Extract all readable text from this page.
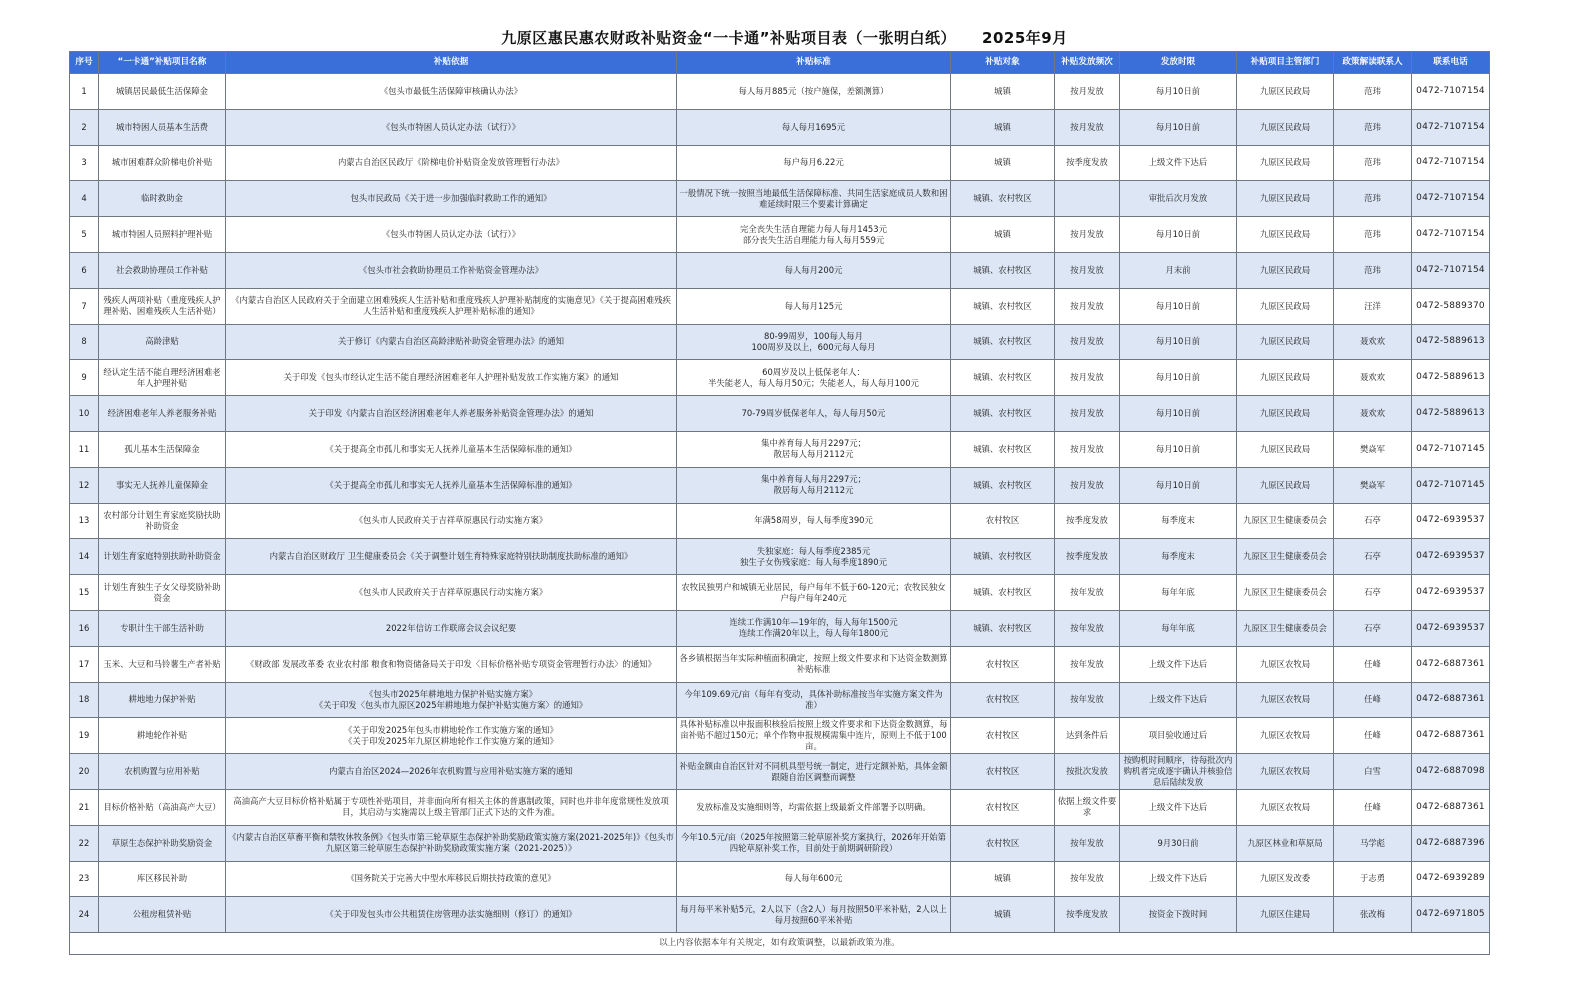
九原区惠民惠农财政补贴资金“一卡通”补贴项目表（一张明白纸） 2025年9月
序号	“一卡通”补贴项目名称	补贴依据	补贴标准	补贴对象	补贴发放频次	发放时限	补贴项目主管部门	政策解读联系人	联系电话
1	城镇居民最低生活保障金	《包头市最低生活保障审核确认办法》	每人每月885元（按户施保，差额测算）	城镇	按月发放	每月10日前	九原区民政局	范玮	0472-7107154
2	城市特困人员基本生活费	《包头市特困人员认定办法（试行）》	每人每月1695元	城镇	按月发放	每月10日前	九原区民政局	范玮	0472-7107154
3	城市困难群众阶梯电价补贴	内蒙古自治区民政厅《阶梯电价补贴资金发放管理暂行办法》	每户每月6.22元	城镇	按季度发放	上级文件下达后	九原区民政局	范玮	0472-7107154
4	临时救助金	包头市民政局《关于进一步加强临时救助工作的通知》	一般情况下统一按照当地最低生活保障标准、共同生活家庭成员人数和困难延续时限三个要素计算确定	城镇、农村牧区		审批后次月发放	九原区民政局	范玮	0472-7107154
5	城市特困人员照料护理补贴	《包头市特困人员认定办法（试行）》	完全丧失生活自理能力每人每月1453元
部分丧失生活自理能力每人每月559元	城镇	按月发放	每月10日前	九原区民政局	范玮	0472-7107154
6	社会救助协理员工作补贴	《包头市社会救助协理员工作补贴资金管理办法》	每人每月200元	城镇、农村牧区	按月发放	月末前	九原区民政局	范玮	0472-7107154
7	残疾人两项补贴（重度残疾人护理补贴、困难残疾人生活补贴）	《内蒙古自治区人民政府关于全面建立困难残疾人生活补贴和重度残疾人护理补贴制度的实施意见》《关于提高困难残疾人生活补贴和重度残疾人护理补贴标准的通知》	每人每月125元	城镇、农村牧区	按月发放	每月10日前	九原区民政局	汪洋	0472-5889370
8	高龄津贴	关于修订《内蒙古自治区高龄津贴补助资金管理办法》的通知	80-99周岁，100每人每月
100周岁及以上，600元每人每月	城镇、农村牧区	按月发放	每月10日前	九原区民政局	聂欢欢	0472-5889613
9	经认定生活不能自理经济困难老年人护理补贴	关于印发《包头市经认定生活不能自理经济困难老年人护理补贴发放工作实施方案》的通知	60周岁及以上低保老年人：
半失能老人，每人每月50元；失能老人，每人每月100元	城镇、农村牧区	按月发放	每月10日前	九原区民政局	聂欢欢	0472-5889613
10	经济困难老年人养老服务补贴	关于印发《内蒙古自治区经济困难老年人养老服务补贴资金管理办法》的通知	70-79周岁低保老年人，每人每月50元	城镇、农村牧区	按月发放	每月10日前	九原区民政局	聂欢欢	0472-5889613
11	孤儿基本生活保障金	《关于提高全市孤儿和事实无人抚养儿童基本生活保障标准的通知》	集中养育每人每月2297元；
散居每人每月2112元	城镇、农村牧区	按月发放	每月10日前	九原区民政局	樊焱军	0472-7107145
12	事实无人抚养儿童保障金	《关于提高全市孤儿和事实无人抚养儿童基本生活保障标准的通知》	集中养育每人每月2297元；
散居每人每月2112元	城镇、农村牧区	按月发放	每月10日前	九原区民政局	樊焱军	0472-7107145
13	农村部分计划生育家庭奖励扶助补助资金	《包头市人民政府关于吉祥草原惠民行动实施方案》	年满58周岁，每人每季度390元	农村牧区	按季度发放	每季度末	九原区卫生健康委员会	石亭	0472-6939537
14	计划生育家庭特别扶助补助资金	内蒙古自治区财政厅 卫生健康委员会《关于调整计划生育特殊家庭特别扶助制度扶助标准的通知》	失独家庭：每人每季度2385元
独生子女伤残家庭：每人每季度1890元	城镇、农村牧区	按季度发放	每季度末	九原区卫生健康委员会	石亭	0472-6939537
15	计划生育独生子女父母奖励补助资金	《包头市人民政府关于吉祥草原惠民行动实施方案》	农牧民独男户和城镇无业居民，每户每年不低于60-120元；农牧民独女户每户每年240元	城镇、农村牧区	按年发放	每年年底	九原区卫生健康委员会	石亭	0472-6939537
16	专职计生干部生活补助	2022年信访工作联席会议会议纪要	连续工作满10年—19年的，每人每年1500元
连续工作满20年以上，每人每年1800元	城镇、农村牧区	按年发放	每年年底	九原区卫生健康委员会	石亭	0472-6939537
17	玉米、大豆和马铃薯生产者补贴	《财政部 发展改革委 农业农村部 粮食和物资储备局关于印发〈目标价格补贴专项资金管理暂行办法〉的通知》	各乡镇根据当年实际种植面积确定，按照上级文件要求和下达资金数测算补贴标准	农村牧区	按年发放	上级文件下达后	九原区农牧局	任峰	0472-6887361
18	耕地地力保护补贴	《包头市2025年耕地地力保护补贴实施方案》
《关于印发〈包头市九原区2025年耕地地力保护补贴实施方案〉的通知》	今年109.69元/亩（每年有变动，具体补助标准按当年实施方案文件为准）	农村牧区	按年发放	上级文件下达后	九原区农牧局	任峰	0472-6887361
19	耕地轮作补贴	《关于印发2025年包头市耕地轮作工作实施方案的通知》
《关于印发2025年九原区耕地轮作工作实施方案的通知》	具体补贴标准以申报面积核验后按照上级文件要求和下达资金数测算，每亩补贴不超过150元；单个作物申报规模需集中连片，原则上不低于100亩。	农村牧区	达到条件后	项目验收通过后	九原区农牧局	任峰	0472-6887361
20	农机购置与应用补贴	内蒙古自治区2024—2026年农机购置与应用补贴实施方案的通知	补贴金额由自治区针对不同机具型号统一制定，进行定额补贴，具体金额跟随自治区调整而调整	农村牧区	按批次发放	按购机时间顺序，待每批次内购机者完成逐宇确认并核验信息后陆续发放	九原区农牧局	白雪	0472-6887098
21	目标价格补贴（高油高产大豆）	高油高产大豆目标价格补贴属于专项性补贴项目，并非面向所有相关主体的普惠制政策，同时也并非年度常规性发放项目，其启动与实施需以上级主管部门正式下达的文件为准。	发放标准及实施细则等，均需依据上级最新文件部署予以明确。	农村牧区	依据上级文件要求	上级文件下达后	九原区农牧局	任峰	0472-6887361
22	草原生态保护补助奖励资金	《内蒙古自治区草畜平衡和禁牧休牧条例》《包头市第三轮草原生态保护补助奖励政策实施方案(2021-2025年)》《包头市九原区第三轮草原生态保护补助奖励政策实施方案（2021-2025）》	今年10.5元/亩（2025年按照第三轮草原补奖方案执行，2026年开始第四轮草原补奖工作，目前处于前期调研阶段）	农村牧区	按年发放	9月30日前	九原区林业和草原局	马学彪	0472-6887396
23	库区移民补助	《国务院关于完善大中型水库移民后期扶持政策的意见》	每人每年600元	城镇	按年发放	上级文件下达后	九原区发改委	于志勇	0472-6939289
24	公租房租赁补贴	《关于印发包头市公共租赁住房管理办法实施细则（修订）的通知》	每月每平米补贴5元，2人以下（含2人）每月按照50平米补贴，2人以上每月按照60平米补贴	城镇	按季度发放	按资金下拨时间	九原区住建局	张改梅	0472-6971805
以上内容依据本年有关规定，如有政策调整，以最新政策为准。									
